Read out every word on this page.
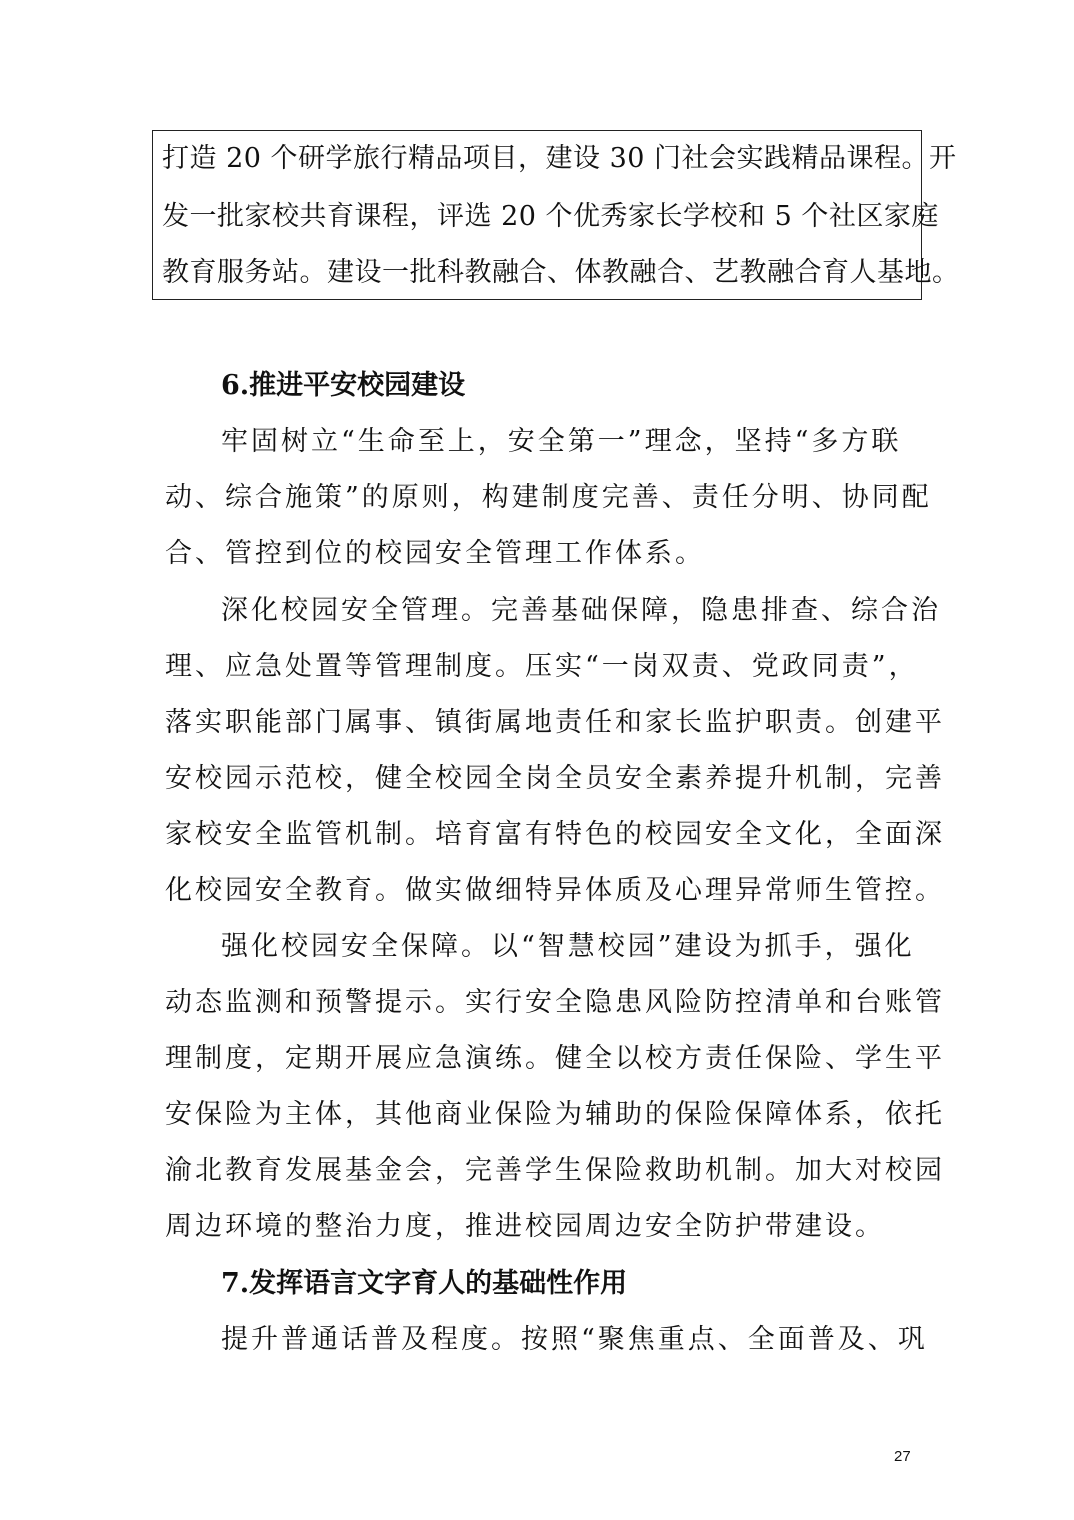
打造 20 个研学旅行精品项目，建设 30 门社会实践精品课程。开
发一批家校共育课程，评选 20 个优秀家长学校和 5 个社区家庭
教育服务站。建设一批科教融合、体教融合、艺教融合育人基地。
6.推进平安校园建设
牢固树立“生命至上，安全第一”理念，坚持“多方联
动、综合施策”的原则，构建制度完善、责任分明、协同配
合、管控到位的校园安全管理工作体系。
深化校园安全管理。完善基础保障，隐患排查、综合治
理、应急处置等管理制度。压实“一岗双责、党政同责”，
落实职能部门属事、镇街属地责任和家长监护职责。创建平
安校园示范校，健全校园全岗全员安全素养提升机制，完善
家校安全监管机制。培育富有特色的校园安全文化，全面深
化校园安全教育。做实做细特异体质及心理异常师生管控。
强化校园安全保障。以“智慧校园”建设为抓手，强化
动态监测和预警提示。实行安全隐患风险防控清单和台账管
理制度，定期开展应急演练。健全以校方责任保险、学生平
安保险为主体，其他商业保险为辅助的保险保障体系，依托
渝北教育发展基金会，完善学生保险救助机制。加大对校园
周边环境的整治力度，推进校园周边安全防护带建设。
7.发挥语言文字育人的基础性作用
提升普通话普及程度。按照“聚焦重点、全面普及、巩
27
